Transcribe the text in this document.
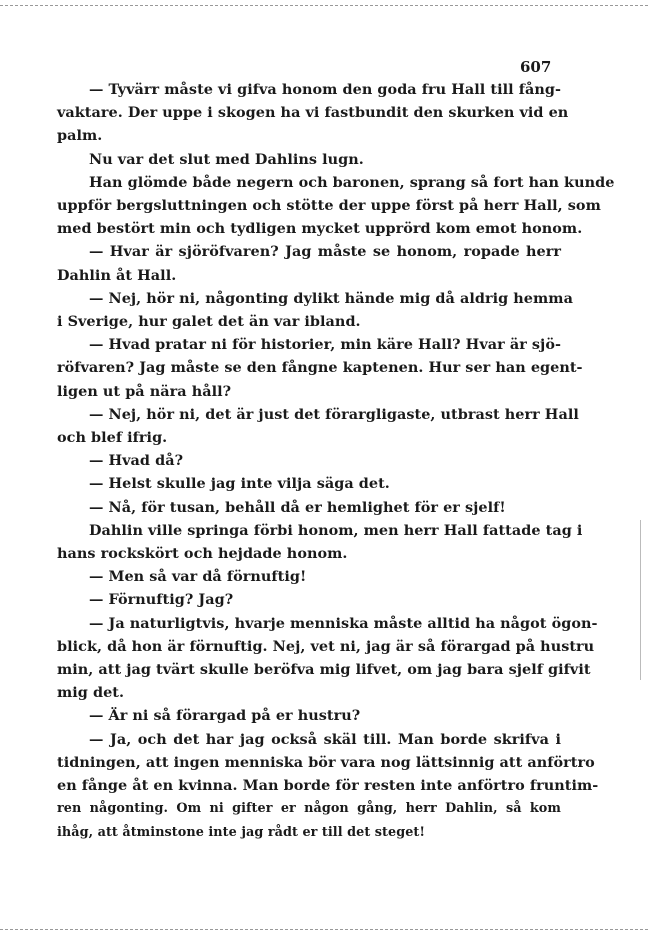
607
— Tyvärr måste vi gifva honom den goda fru Hall till fång-
vaktare. Der uppe i skogen ha vi fastbundit den skurken vid en
palm.
Nu var det slut med Dahlins lugn.
Han glömde både negern och baronen, sprang så fort han kunde
uppför bergsluttningen och stötte der uppe först på herr Hall, som
med bestört min och tydligen mycket upprörd kom emot honom.
— Hvar är sjöröfvaren? Jag måste se honom, ropade herr
Dahlin åt Hall.
— Nej, hör ni, någonting dylikt hände mig då aldrig hemma
i Sverige, hur galet det än var ibland.
— Hvad pratar ni för historier, min käre Hall? Hvar är sjö-
röfvaren? Jag måste se den fångne kaptenen. Hur ser han egent-
ligen ut på nära håll?
— Nej, hör ni, det är just det förargligaste, utbrast herr Hall
och blef ifrig.
— Hvad då?
— Helst skulle jag inte vilja säga det.
— Nå, för tusan, behåll då er hemlighet för er sjelf!
Dahlin ville springa förbi honom, men herr Hall fattade tag i
hans rockskört och hejdade honom.
— Men så var då förnuftig!
— Förnuftig? Jag?
— Ja naturligtvis, hvarje menniska måste alltid ha något ögon-
blick, då hon är förnuftig. Nej, vet ni, jag är så förargad på hustru
min, att jag tvärt skulle beröfva mig lifvet, om jag bara sjelf gifvit
mig det.
— Är ni så förargad på er hustru?
— Ja, och det har jag också skäl till. Man borde skrifva i
tidningen, att ingen menniska bör vara nog lättsinnig att anförtro
en fånge åt en kvinna. Man borde för resten inte anförtro fruntim-
ren någonting. Om ni gifter er någon gång, herr Dahlin, så kom
ihåg, att åtminstone inte jag rådt er till det steget!
